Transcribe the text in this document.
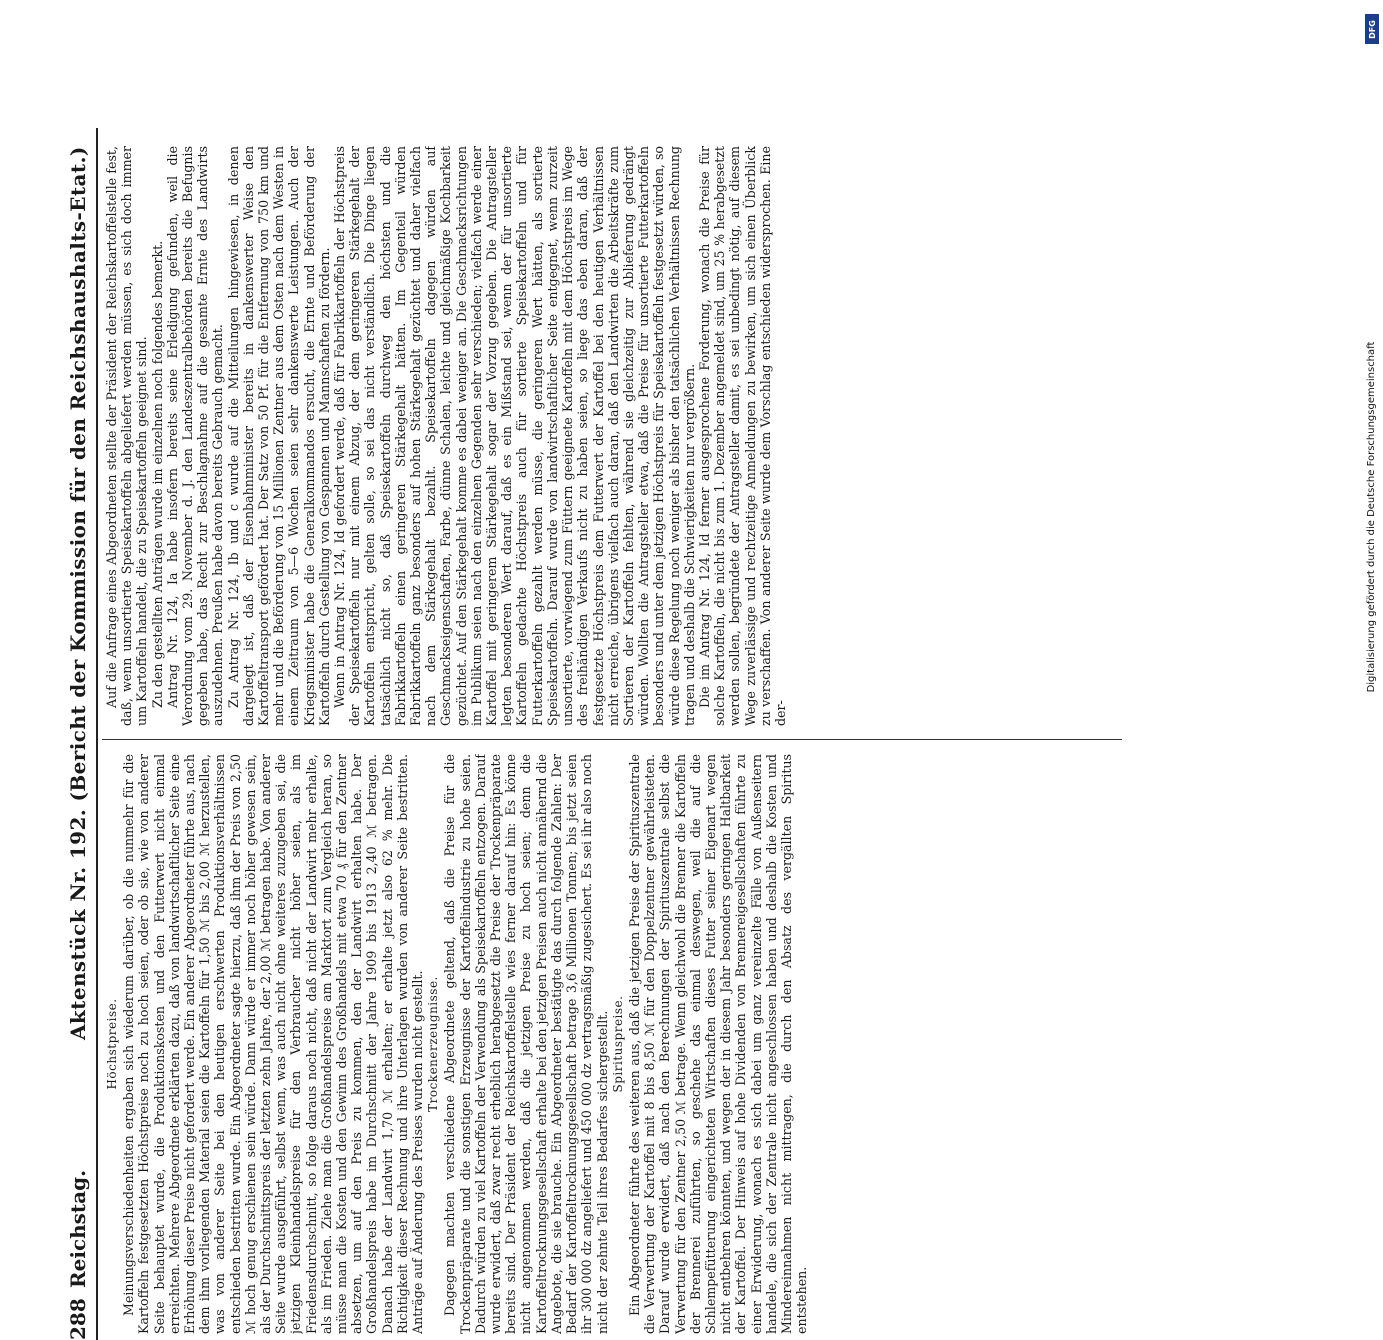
288
Reichstag.
Aktenstück Nr. 192. (Bericht der Kommission für den Reichshaushalts-Etat.)
Höchstpreise. Meinungsverschiedenheiten ergaben sich wiederum darüber, ob die nunmehr für die Kartoffeln festgesetzten Höchstpreise noch zu hoch seien, oder ob sie, wie von anderer Seite behauptet wurde, die Produktionskosten und den Futterwert nicht einmal erreichten. Mehrere Abgeordnete erklärten dazu, daß von landwirtschaftlicher Seite eine Erhöhung dieser Preise nicht gefordert werde. Ein anderer Abgeordneter führte aus, nach dem ihm vorliegenden Material seien die Kartoffeln für 1,50 ℳ bis 2,00 ℳ herzustellen, was von anderer Seite bei den heutigen erschwerten Produktionsverhältnissen entschieden bestritten wurde. Ein Abgeordneter sagte hierzu, daß ihm der Preis von 2,50 ℳ hoch genug erschienen sein würde. Dann würde er immer noch höher gewesen sein, als der Durchschnittspreis der letzten zehn Jahre, der 2,00 ℳ betragen habe. Von anderer Seite wurde ausgeführt, selbst wenn, was auch nicht ohne weiteres zuzugeben sei, die jetzigen Kleinhandelspreise für den Verbraucher nicht höher seien, als im Friedensdurchschnitt, so folge daraus noch nicht, daß nicht der Landwirt mehr erhalte, als im Frieden. Ziehe man die Großhandelspreise am Marktort zum Vergleich heran, so müsse man die Kosten und den Gewinn des Großhandels mit etwa 70 ₰ für den Zentner absetzen, um auf den Preis zu kommen, den der Landwirt erhalten habe. Der Großhandelspreis habe im Durchschnitt der Jahre 1909 bis 1913 2,40 ℳ betragen. Danach habe der Landwirt 1,70 ℳ erhalten; er erhalte jetzt also 62 % mehr. Die Richtigkeit dieser Rechnung und ihre Unterlagen wurden von anderer Seite bestritten. Anträge auf Änderung des Preises wurden nicht gestellt. Trockenerzeugnisse. Dagegen machten verschiedene Abgeordnete geltend, daß die Preise für die Trockenpräparate und die sonstigen Erzeugnisse der Kartoffelindustrie zu hohe seien. Dadurch würden zu viel Kartoffeln der Verwendung als Speisekartoffeln entzogen. Darauf wurde erwidert, daß zwar recht erheblich herabgesetzt die Preise der Trockenpräparate bereits sind. Der Präsident der Reichskartoffelstelle wies ferner darauf hin: Es könne nicht angenommen werden, daß die jetzigen Preise zu hoch seien; denn die Kartoffeltrocknungsgesellschaft erhalte bei den jetzigen Preisen auch nicht annähernd die Angebote, die sie brauche. Ein Abgeordneter bestätigte das durch folgende Zahlen: Der Bedarf der Kartoffeltrocknungsgesellschaft betrage 3,6 Millionen Tonnen; bis jetzt seien ihr 300 000 dz angeliefert und 450 000 dz vertragsmäßig zugesichert. Es sei ihr also noch nicht der zehnte Teil ihres Bedarfes sichergestellt. Spirituspreise. Ein Abgeordneter führte des weiteren aus, daß die jetzigen Preise der Spirituszentrale die Verwertung der Kartoffel mit 8 bis 8,50 ℳ für den Doppelzentner gewährleisteten. Darauf wurde erwidert, daß nach den Berechnungen der Spirituszentrale selbst die Verwertung für den Zentner 2,50 ℳ betrage. Wenn gleichwohl die Brenner die Kartoffeln der Brennerei zuführten, so geschehe das einmal deswegen, weil die auf die Schlempefütterung eingerichteten Wirtschaften dieses Futter seiner Eigenart wegen nicht entbehren könnten, und wegen der in diesem Jahr besonders geringen Haltbarkeit der Kartoffel. Der Hinweis auf hohe Dividenden von Brennereigesellschaften führte zu einer Erwiderung, wonach es sich dabei um ganz vereinzelte Fälle von Außenseitern handele, die sich der Zentrale nicht angeschlossen haben und deshalb die Kosten und Mindereinnahmen nicht mittragen, die durch den Absatz des vergällten Spiritus entstehen.

Auf die Anfrage eines Abgeordneten stellte der Präsident der Reichskartoffelstelle fest, daß, wenn unsortierte Speisekartoffeln abgeliefert werden müssen, es sich doch immer um Kartoffeln handelt, die zu Speisekartoffeln geeignet sind. Zu den gestellten Anträgen wurde im einzelnen noch folgendes bemerkt. Antrag Nr. 124, Ia habe insofern bereits seine Erledigung gefunden, weil die Verordnung vom 29. November d. J. den Landeszentralbehörden bereits die Befugnis gegeben habe, das Recht zur Beschlagnahme auf die gesamte Ernte des Landwirts auszudehnen. Preußen habe davon bereits Gebrauch gemacht. Zu Antrag Nr. 124, Ib und c wurde auf die Mitteilungen hingewiesen, in denen dargelegt ist, daß der Eisenbahnminister bereits in dankenswerter Weise den Kartoffeltransport gefördert hat. Der Satz von 50 Pf. für die Entfernung von 750 km und mehr und die Beförderung von 15 Millionen Zentner aus dem Osten nach dem Westen in einem Zeitraum von 5—6 Wochen seien sehr dankenswerte Leistungen. Auch der Kriegsminister habe die Generalkommandos ersucht, die Ernte und Beförderung der Kartoffeln durch Gestellung von Gespannen und Mannschaften zu fördern. Wenn in Antrag Nr. 124, Id gefordert werde, daß für Fabrikkartoffeln der Höchstpreis der Speisekartoffeln nur mit einem Abzug, der dem geringeren Stärkegehalt der Kartoffeln entspricht, gelten solle, so sei das nicht verständlich. Die Dinge liegen tatsächlich nicht so, daß Speisekartoffeln durchweg den höchsten und die Fabrikkartoffeln einen geringeren Stärkegehalt hätten. Im Gegenteil würden Fabrikkartoffeln ganz besonders auf hohen Stärkegehalt gezüchtet und daher vielfach nach dem Stärkegehalt bezahlt. Speisekartoffeln dagegen würden auf Geschmackseigenschaften, Farbe, dünne Schalen, leichte und gleichmäßige Kochbarkeit gezüchtet. Auf den Stärkegehalt komme es dabei weniger an. Die Geschmacksrichtungen im Publikum seien nach den einzelnen Gegenden sehr verschieden; vielfach werde einer Kartoffel mit geringerem Stärkegehalt sogar der Vorzug gegeben. Die Antragsteller legten besonderen Wert darauf, daß es ein Mißstand sei, wenn der für unsortierte Kartoffeln gedachte Höchstpreis auch für sortierte Speisekartoffeln und für Futterkartoffeln gezahlt werden müsse, die geringeren Wert hätten, als sortierte Speisekartoffeln. Darauf wurde von landwirtschaftlicher Seite entgegnet, wenn zurzeit unsortierte, vorwiegend zum Füttern geeignete Kartoffeln mit dem Höchstpreis im Wege des freihändigen Verkaufs nicht zu haben seien, so liege das eben daran, daß der festgesetzte Höchstpreis dem Futterwert der Kartoffel bei den heutigen Verhältnissen nicht erreiche, übrigens vielfach auch daran, daß den Landwirten die Arbeitskräfte zum Sortieren der Kartoffeln fehlten, während sie gleichzeitig zur Ablieferung gedrängt würden. Wollten die Antragsteller etwa, daß die Preise für unsortierte Futterkartoffeln besonders und unter dem jetzigen Höchstpreis für Speisekartoffeln festgesetzt würden, so würde diese Regelung noch weniger als bisher den tatsächlichen Verhältnissen Rechnung tragen und deshalb die Schwierigkeiten nur vergrößern. Die im Antrag Nr. 124, Id ferner ausgesprochene Forderung, wonach die Preise für solche Kartoffeln, die nicht bis zum 1. Dezember angemeldet sind, um 25 % herabgesetzt werden sollen, begründete der Antragsteller damit, es sei unbedingt nötig, auf diesem Wege zuverlässige und rechtzeitige Anmeldungen zu bewirken, um sich einen Überblick zu verschaffen. Von anderer Seite wurde dem Vorschlag entschieden widersprochen. Eine der-

DFG
Digitalisierung gefördert durch die Deutsche Forschungsgemeinschaft
